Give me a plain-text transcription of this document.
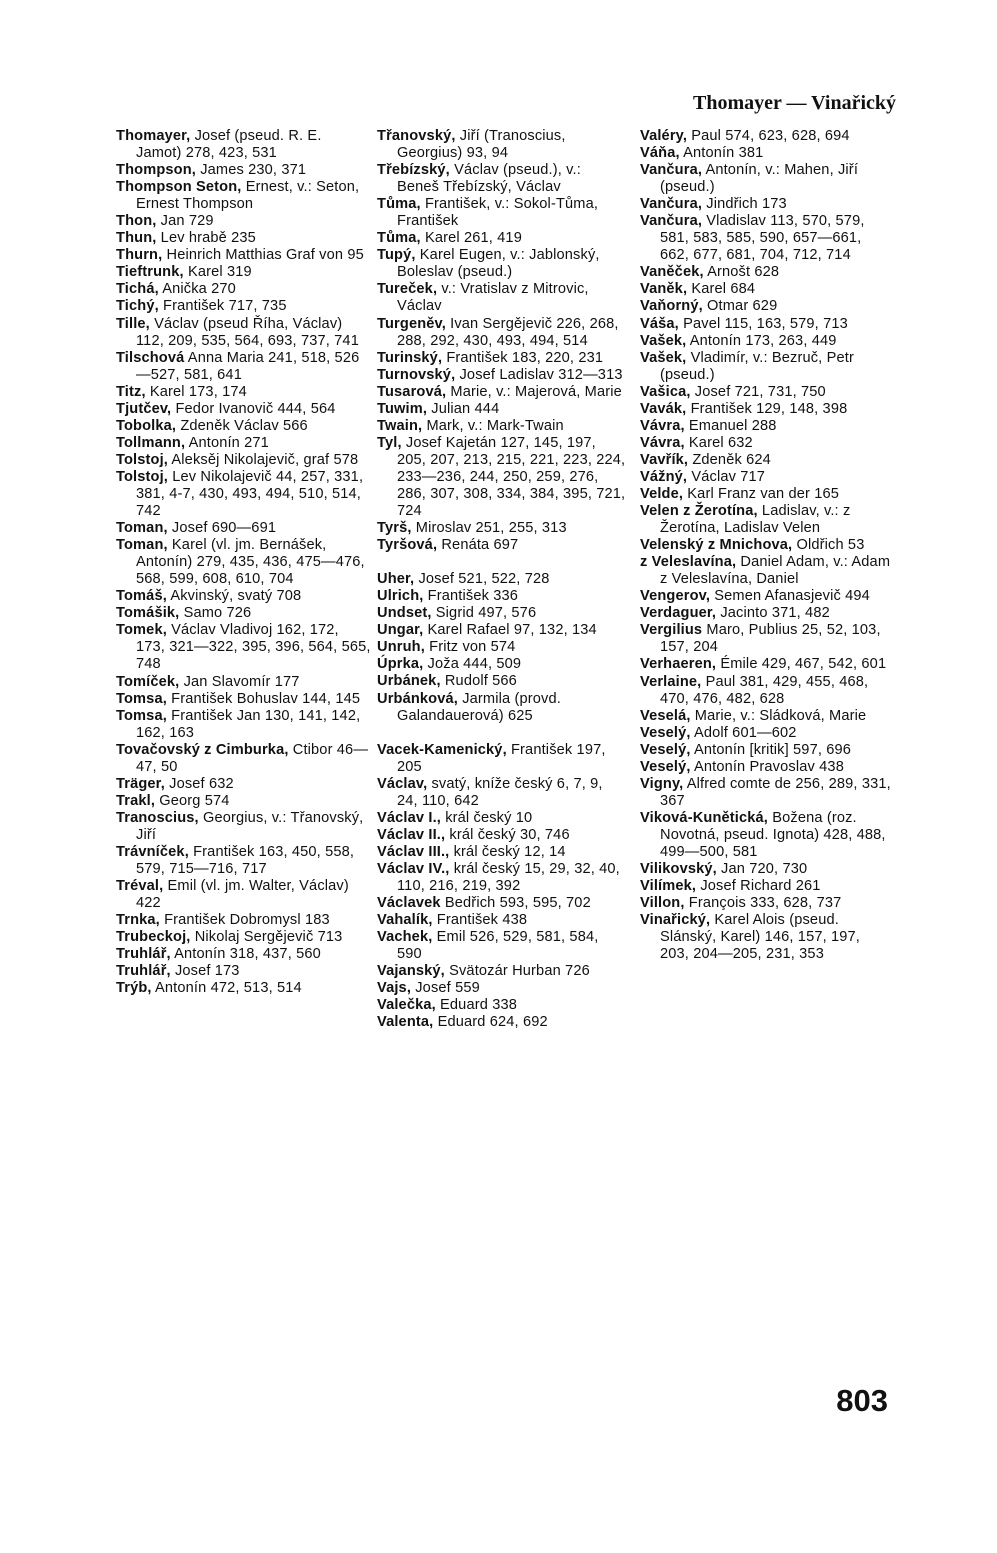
Thomayer — Vinařický
Thomayer, Josef (pseud. R. E. Jamot) 278, 423, 531
Thompson, James 230, 371
Thompson Seton, Ernest, v.: Seton, Ernest Thompson
Thon, Jan 729
Thun, Lev hrabě 235
Thurn, Heinrich Matthias Graf von 95
Tieftrunk, Karel 319
Tichá, Anička 270
Tichý, František 717, 735
Tille, Václav (pseud Říha, Václav) 112, 209, 535, 564, 693, 737, 741
Tilschová Anna Maria 241, 518, 526—527, 581, 641
Titz, Karel 173, 174
Tjutčev, Fedor Ivanovič 444, 564
Tobolka, Zdeněk Václav 566
Tollmann, Antonín 271
Tolstoj, Aleksěj Nikolajevič, graf 578
Tolstoj, Lev Nikolajevič 44, 257, 331, 381, 4-7, 430, 493, 494, 510, 514, 742
Toman, Josef 690—691
Toman, Karel (vl. jm. Bernášek, Antonín) 279, 435, 436, 475—476, 568, 599, 608, 610, 704
Tomáš, Akvinský, svatý 708
Tomášik, Samo 726
Tomek, Václav Vladivoj 162, 172, 173, 321—322, 395, 396, 564, 565, 748
Tomíček, Jan Slavomír 177
Tomsa, František Bohuslav 144, 145
Tomsa, František Jan 130, 141, 142, 162, 163
Tovačovský z Cimburka, Ctibor 46—47, 50
Träger, Josef 632
Trakl, Georg 574
Tranoscius, Georgius, v.: Třanovský, Jiří
Trávníček, František 163, 450, 558, 579, 715—716, 717
Tréval, Emil (vl. jm. Walter, Václav) 422
Trnka, František Dobromysl 183
Trubeckoj, Nikolaj Sergějevič 713
Truhlář, Antonín 318, 437, 560
Truhlář, Josef 173
Trýb, Antonín 472, 513, 514
Třanovský, Jiří (Tranoscius, Georgius) 93, 94
Třebízský, Václav (pseud.), v.: Beneš Třebízský, Václav
Tůma, František, v.: Sokol-Tůma, František
Tůma, Karel 261, 419
Tupý, Karel Eugen, v.: Jablonský, Boleslav (pseud.)
Tureček, v.: Vratislav z Mitrovic, Václav
Turgeněv, Ivan Sergějevič 226, 268, 288, 292, 430, 493, 494, 514
Turinský, František 183, 220, 231
Turnovský, Josef Ladislav 312—313
Tusarová, Marie, v.: Majerová, Marie
Tuwim, Julian 444
Twain, Mark, v.: Mark-Twain
Tyl, Josef Kajetán 127, 145, 197, 205, 207, 213, 215, 221, 223, 224, 233—236, 244, 250, 259, 276, 286, 307, 308, 334, 384, 395, 721, 724
Tyrš, Miroslav 251, 255, 313
Tyršová, Renáta 697
Uher, Josef 521, 522, 728
Ulrich, František 336
Undset, Sigrid 497, 576
Ungar, Karel Rafael 97, 132, 134
Unruh, Fritz von 574
Úprka, Joža 444, 509
Urbánek, Rudolf 566
Urbánková, Jarmila (provd. Galandauerová) 625
Vacek-Kamenický, František 197, 205
Václav, svatý, kníže český 6, 7, 9, 24, 110, 642
Václav I., král český 10
Václav II., král český 30, 746
Václav III., král český 12, 14
Václav IV., král český 15, 29, 32, 40, 110, 216, 219, 392
Václavek Bedřich 593, 595, 702
Vahalík, František 438
Vachek, Emil 526, 529, 581, 584, 590
Vajanský, Svätozár Hurban 726
Vajs, Josef 559
Valečka, Eduard 338
Valenta, Eduard 624, 692
Valéry, Paul 574, 623, 628, 694
Váňa, Antonín 381
Vančura, Antonín, v.: Mahen, Jiří (pseud.)
Vančura, Jindřich 173
Vančura, Vladislav 113, 570, 579, 581, 583, 585, 590, 657—661, 662, 677, 681, 704, 712, 714
Vaněček, Arnošt 628
Vaněk, Karel 684
Vaňorný, Otmar 629
Váša, Pavel 115, 163, 579, 713
Vašek, Antonín 173, 263, 449
Vašek, Vladimír, v.: Bezruč, Petr (pseud.)
Vašica, Josef 721, 731, 750
Vavák, František 129, 148, 398
Vávra, Emanuel 288
Vávra, Karel 632
Vavřík, Zdeněk 624
Vážný, Václav 717
Velde, Karl Franz van der 165
Velen z Žerotína, Ladislav, v.: z Žerotína, Ladislav Velen
Velenský z Mnichova, Oldřich 53
z Veleslavína, Daniel Adam, v.: Adam z Veleslavína, Daniel
Vengerov, Semen Afanasjevič 494
Verdaguer, Jacinto 371, 482
Vergilius Maro, Publius 25, 52, 103, 157, 204
Verhaeren, Émile 429, 467, 542, 601
Verlaine, Paul 381, 429, 455, 468, 470, 476, 482, 628
Veselá, Marie, v.: Sládková, Marie
Veselý, Adolf 601—602
Veselý, Antonín [kritik] 597, 696
Veselý, Antonín Pravoslav 438
Vigny, Alfred comte de 256, 289, 331, 367
Viková-Kunětická, Božena (roz. Novotná, pseud. Ignota) 428, 488, 499—500, 581
Vilikovský, Jan 720, 730
Vilímek, Josef Richard 261
Villon, François 333, 628, 737
Vinařický, Karel Alois (pseud. Slánský, Karel) 146, 157, 197, 203, 204—205, 231, 353
803
